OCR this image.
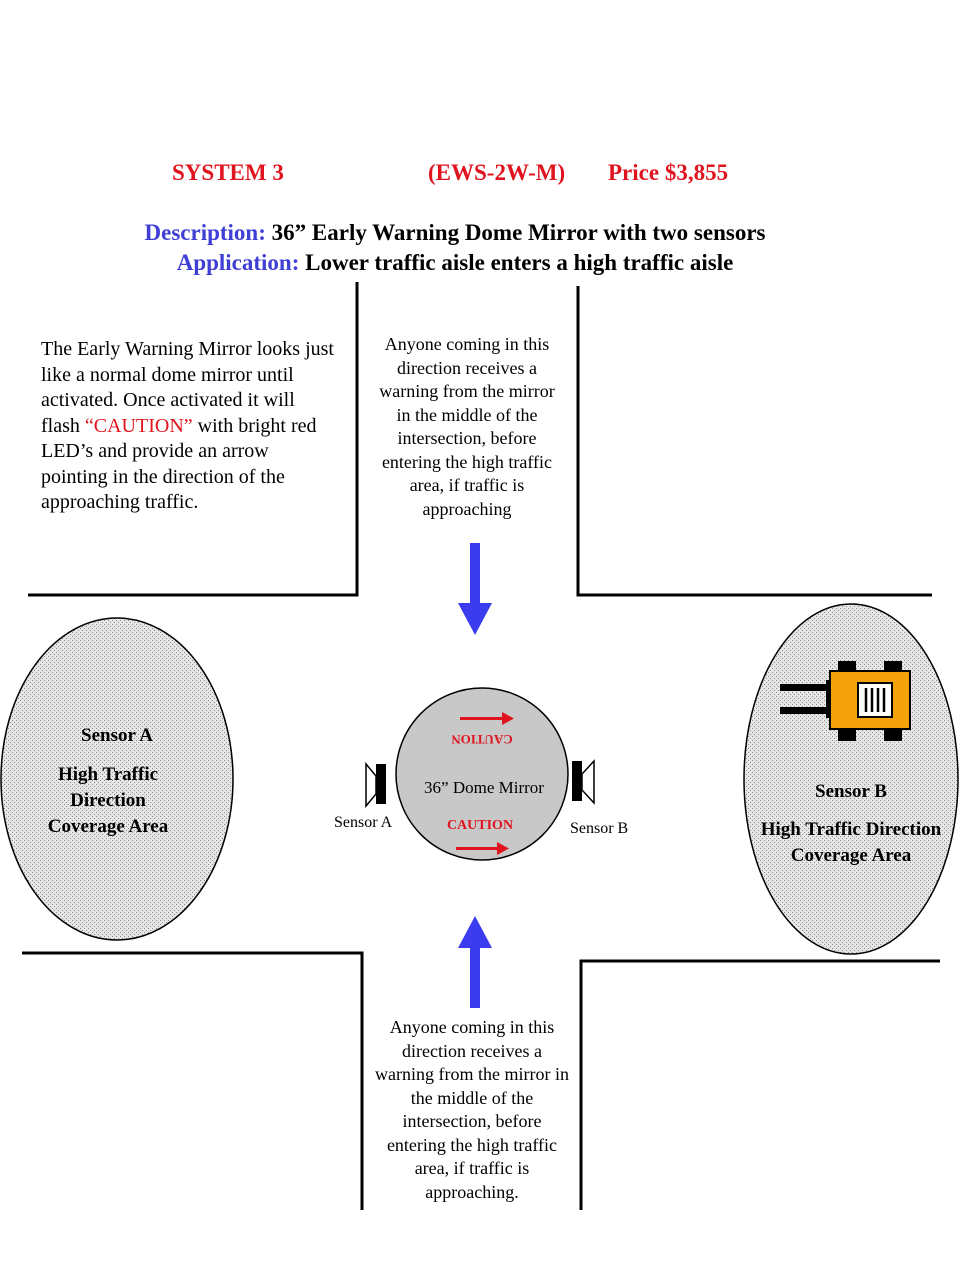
SYSTEM 3	(EWS-2W-M) Price $3,855
Description: 36” Early Warning Dome Mirror with two sensors
Application: Lower traffic aisle enters a high traffic aisle
The Early Warning Mirror looks just like a normal dome mirror until activated. Once activated it will flash “CAUTION” with bright red LED’s and provide an arrow pointing in the direction of the approaching traffic.
Anyone coming in this direction receives a warning from the mirror in the middle of the intersection, before entering the high traffic area, if traffic is approaching
Anyone coming in this direction receives a warning from the mirror in the middle of the intersection, before entering the high traffic area, if traffic is approaching.
Sensor A
High Traffic
Direction
Coverage Area
Sensor B
High Traffic Direction
Coverage Area
CAUTION
36” Dome Mirror
CAUTION
Sensor A	Sensor B
